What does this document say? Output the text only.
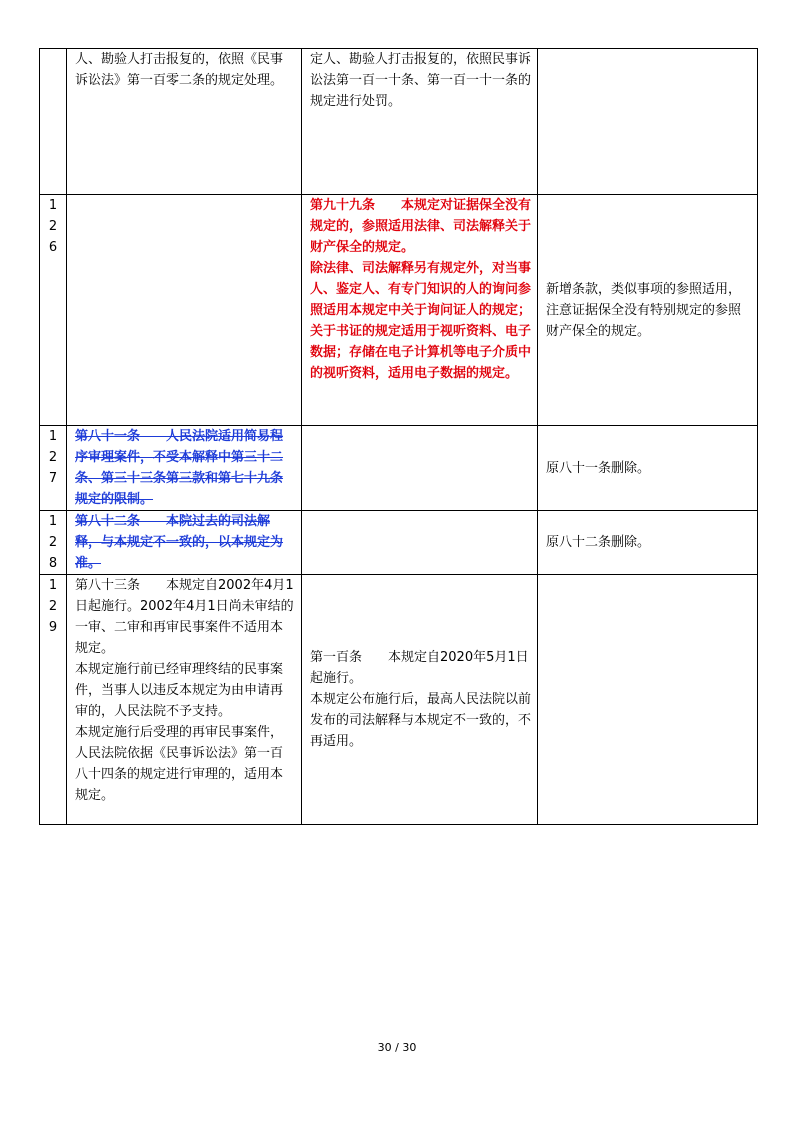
	人、勘验人打击报复的，依照《民事诉讼法》第一百零二条的规定处理。	定人、勘验人打击报复的，依照民事诉讼法第一百一十条、第一百一十一条的规定进行处罚。	

126		第九十九条　　本规定对证据保全没有规定的，参照适用法律、司法解释关于财产保全的规定。
除法律、司法解释另有规定外，对当事人、鉴定人、有专门知识的人的询问参照适用本规定中关于询问证人的规定；关于书证的规定适用于视听资料、电子数据；存储在电子计算机等电子介质中的视听资料，适用电子数据的规定。	新增条款，类似事项的参照适用，注意证据保全没有特别规定的参照财产保全的规定。

127	第八十一条　　人民法院适用简易程序审理案件，不受本解释中第三十二条、第三十三条第三款和第七十九条规定的限制。		原八十一条删除。

128	第八十二条　　本院过去的司法解释，与本规定不一致的，以本规定为准。		原八十二条删除。

129	第八十三条　　本规定自2002年4月1日起施行。2002年4月1日尚未审结的一审、二审和再审民事案件不适用本规定。
本规定施行前已经审理终结的民事案件，当事人以违反本规定为由申请再审的，人民法院不予支持。
本规定施行后受理的再审民事案件，人民法院依据《民事诉讼法》第一百八十四条的规定进行审理的，适用本规定。	第一百条　　本规定自2020年5月1日起施行。
本规定公布施行后，最高人民法院以前发布的司法解释与本规定不一致的，不再适用。	

30 / 30
